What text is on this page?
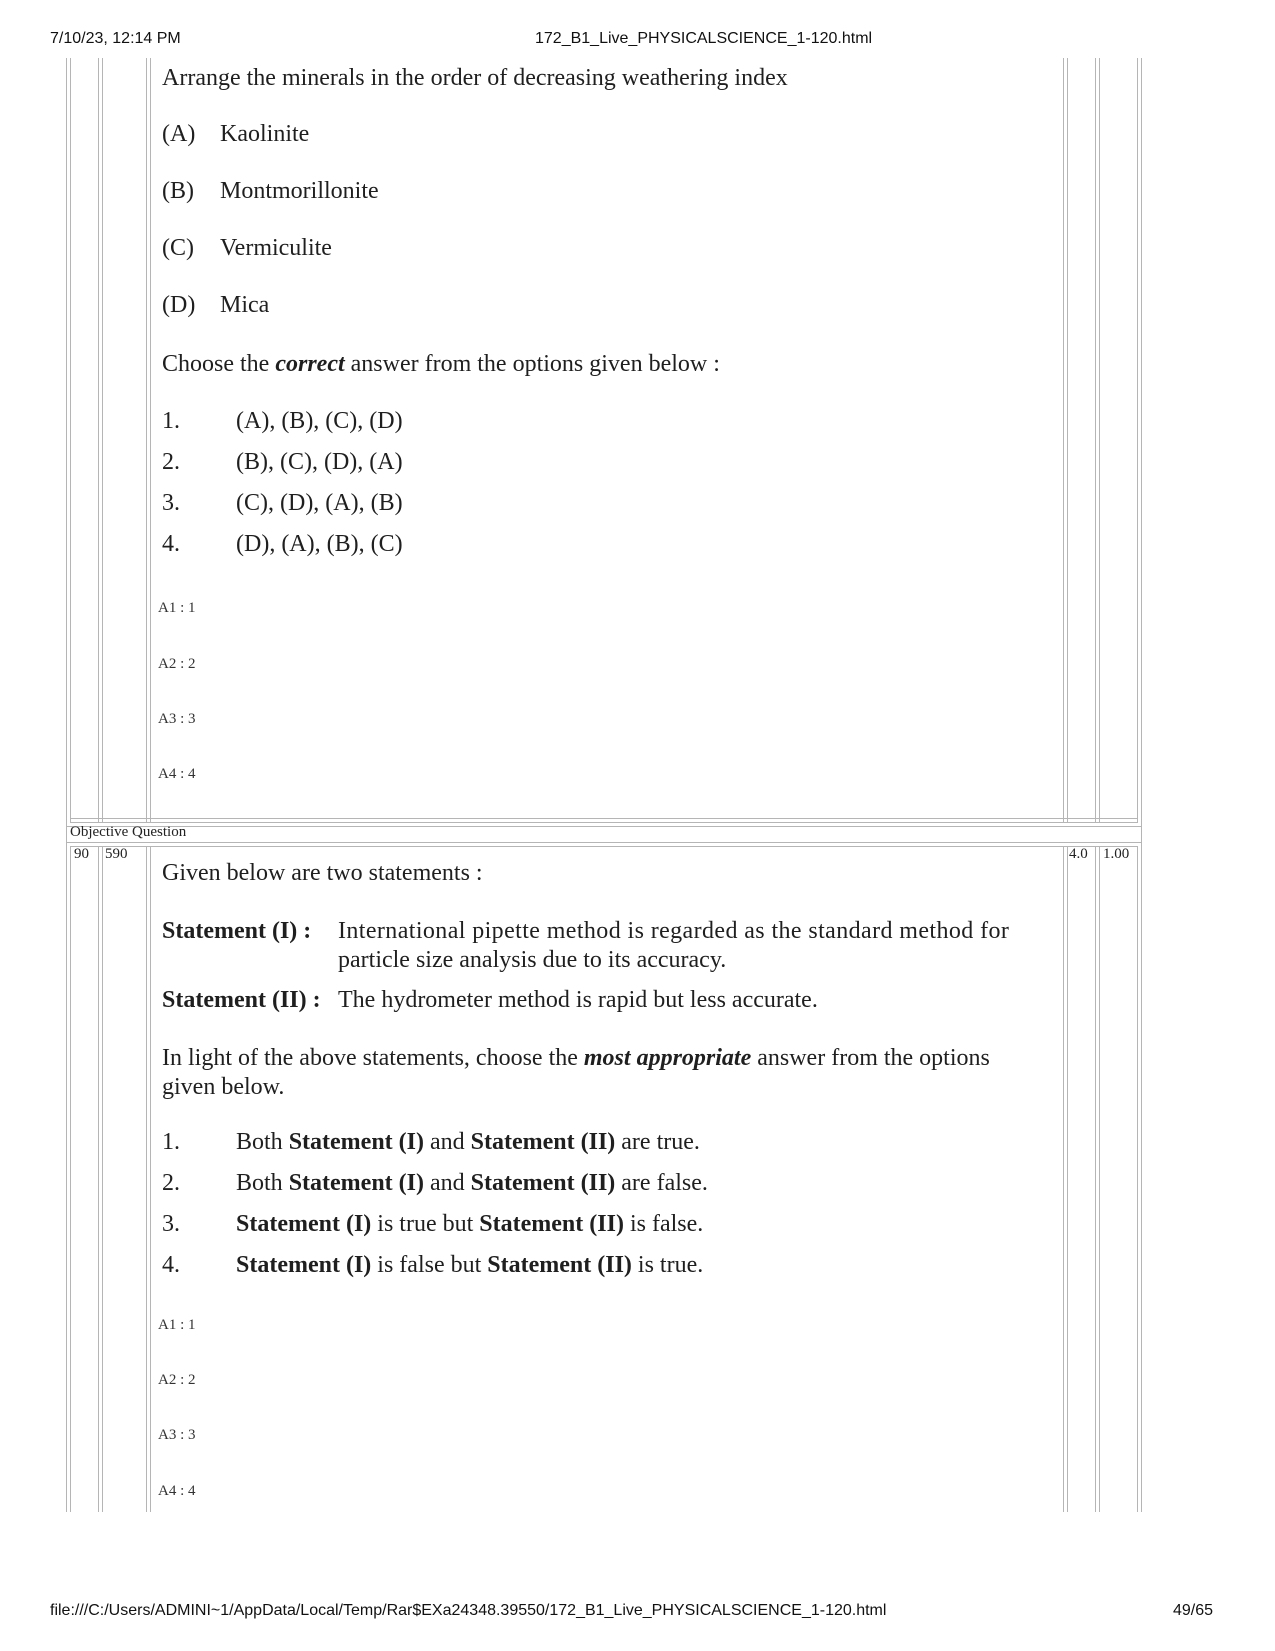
7/10/23, 12:14 PM	172_B1_Live_PHYSICALSCIENCE_1-120.html
Arrange the minerals in the order of decreasing weathering index
(A) Kaolinite
(B) Montmorillonite
(C) Vermiculite
(D) Mica
Choose the correct answer from the options given below :
1. (A), (B), (C), (D)
2. (B), (C), (D), (A)
3. (C), (D), (A), (B)
4. (D), (A), (B), (C)
A1 : 1
A2 : 2
A3 : 3
A4 : 4
Objective Question
90 590	4.0 1.00
Given below are two statements :
Statement (I) : International pipette method is regarded as the standard method for
particle size analysis due to its accuracy.
Statement (II) : The hydrometer method is rapid but less accurate.
In light of the above statements, choose the most appropriate answer from the options
given below.
1. Both Statement (I) and Statement (II) are true.
2. Both Statement (I) and Statement (II) are false.
3. Statement (I) is true but Statement (II) is false.
4. Statement (I) is false but Statement (II) is true.
A1 : 1
A2 : 2
A3 : 3
A4 : 4
file:///C:/Users/ADMINI~1/AppData/Local/Temp/Rar$EXa24348.39550/172_B1_Live_PHYSICALSCIENCE_1-120.html	49/65
